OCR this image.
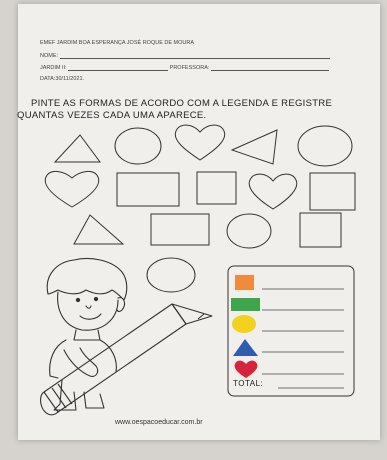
EMEF JARDIM BOA ESPERANÇA JOSÉ ROQUE DE MOURA
NOME:
JARDIM II:	PROFESSORA:
DATA:30/11/2021.
PINTE AS FORMAS DE ACORDO COM A LEGENDA E REGISTRE
QUANTAS VEZES CADA UMA APARECE.
TOTAL:
www.oespacoeducar.com.br
